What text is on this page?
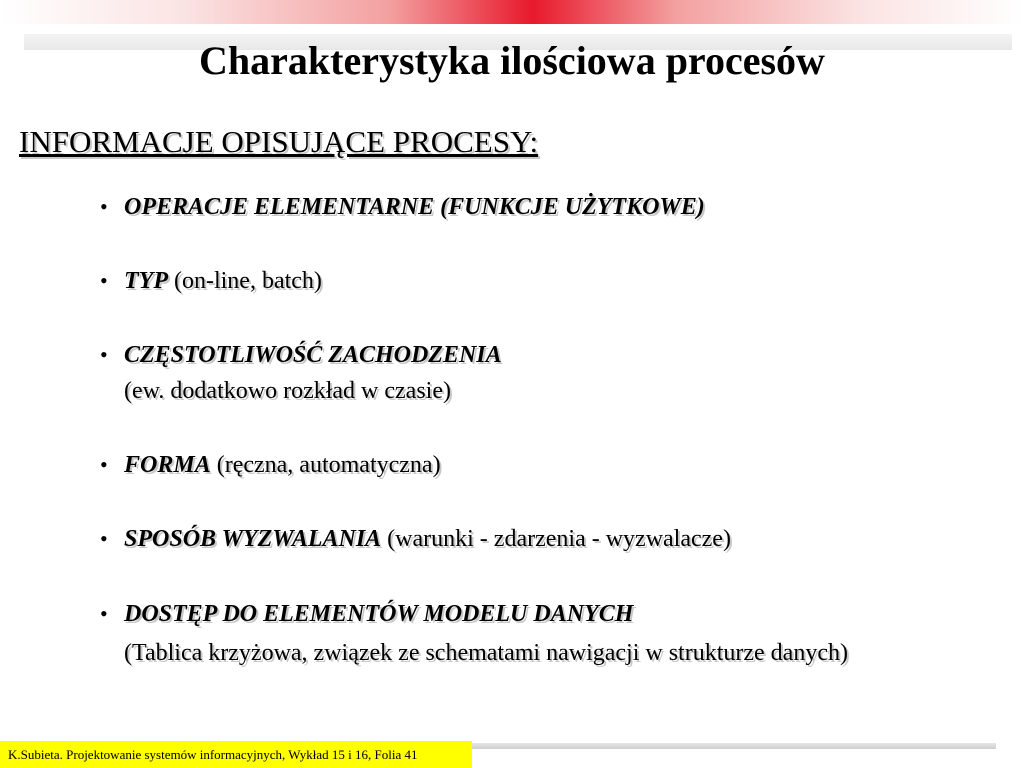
Charakterystyka ilościowa procesów
INFORMACJE OPISUJĄCE PROCESY:
• OPERACJE ELEMENTARNE (FUNKCJE UŻYTKOWE)
• TYP (on-line, batch)
• CZĘSTOTLIWOŚĆ ZACHODZENIA
(ew. dodatkowo rozkład w czasie)
• FORMA (ręczna, automatyczna)
• SPOSÓB WYZWALANIA (warunki - zdarzenia - wyzwalacze)
• DOSTĘP DO ELEMENTÓW MODELU DANYCH
(Tablica krzyżowa, związek ze schematami nawigacji w strukturze danych)
K.Subieta. Projektowanie systemów informacyjnych, Wykład 15 i 16, Folia 41
